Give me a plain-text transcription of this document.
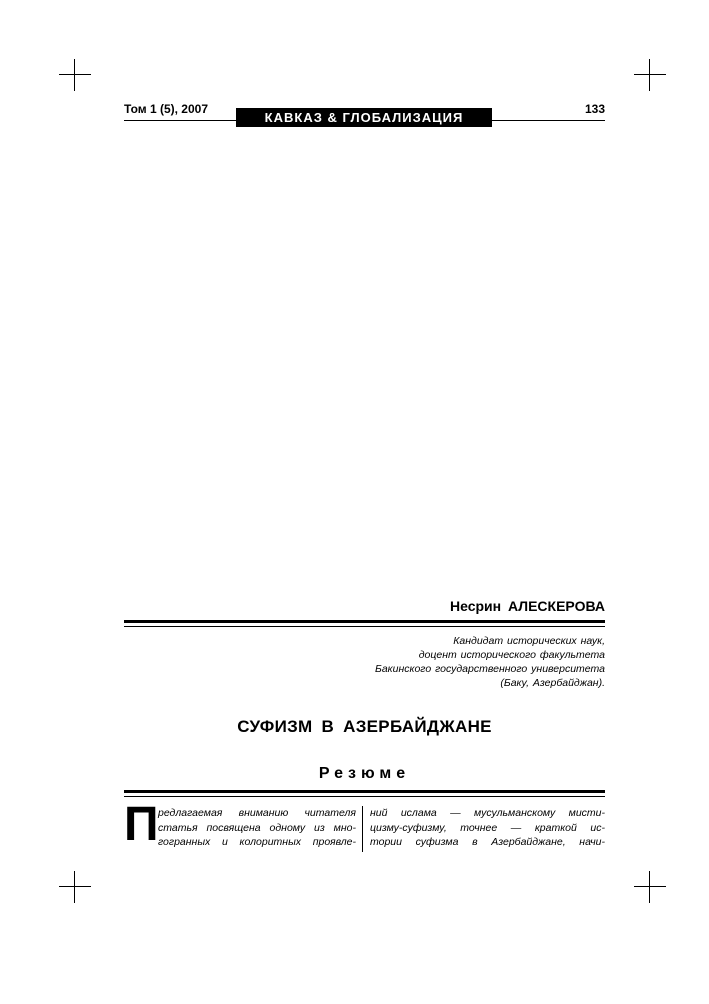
Том 1 (5), 2007
КАВКАЗ & ГЛОБАЛИЗАЦИЯ
133
Несрин АЛЕСКЕРОВА
Кандидат исторических наук,
доцент исторического факультета
Бакинского государственного университета
(Баку, Азербайджан).
СУФИЗМ В АЗЕРБАЙДЖАНЕ
Резюме
П редлагаемая вниманию читателя
статья посвящена одному из мно-
гогранных и колоритных проявле-
ний ислама — мусульманскому мисти-
цизму-суфизму, точнее — краткой ис-
тории суфизма в Азербайджане, начи-
